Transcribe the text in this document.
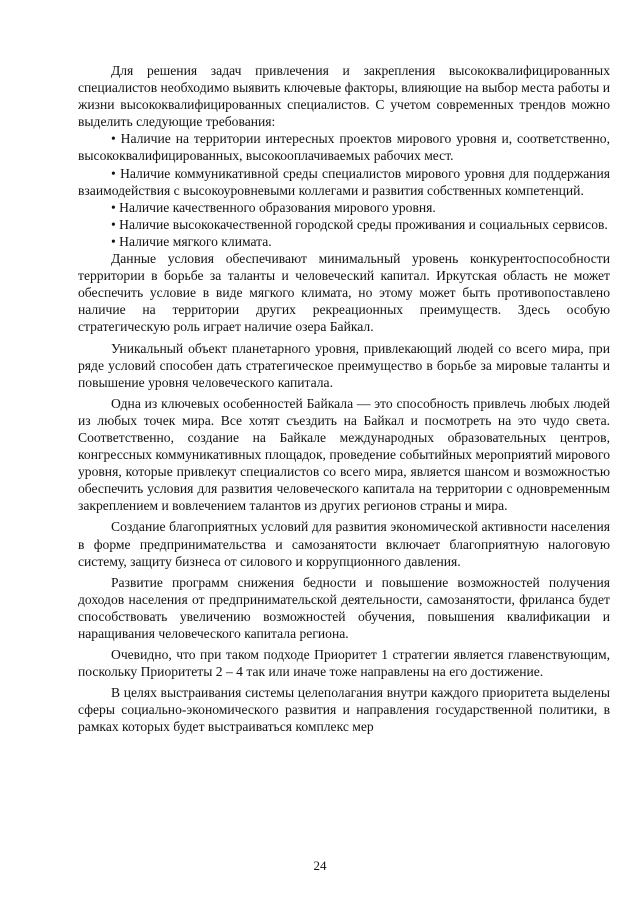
Для решения задач привлечения и закрепления высококвалифицированных специалистов необходимо выявить ключевые факторы, влияющие на выбор места работы и жизни высококвалифицированных специалистов. С учетом современных трендов можно выделить следующие требования:

• Наличие на территории интересных проектов мирового уровня и, соответственно, высококвалифицированных, высокооплачиваемых рабочих мест.

• Наличие коммуникативной среды специалистов мирового уровня для поддержания взаимодействия с высокоуровневыми коллегами и развития собственных компетенций.

• Наличие качественного образования мирового уровня.

• Наличие высококачественной городской среды проживания и социальных сервисов.

• Наличие мягкого климата.

Данные условия обеспечивают минимальный уровень конкурентоспособности территории в борьбе за таланты и человеческий капитал. Иркутская область не может обеспечить условие в виде мягкого климата, но этому может быть противопоставлено наличие на территории других рекреационных преимуществ. Здесь особую стратегическую роль играет наличие озера Байкал.

Уникальный объект планетарного уровня, привлекающий людей со всего мира, при ряде условий способен дать стратегическое преимущество в борьбе за мировые таланты и повышение уровня человеческого капитала.

Одна из ключевых особенностей Байкала — это способность привлечь любых людей из любых точек мира. Все хотят съездить на Байкал и посмотреть на это чудо света. Соответственно, создание на Байкале международных образовательных центров, конгрессных коммуникативных площадок, проведение событийных мероприятий мирового уровня, которые привлекут специалистов со всего мира, является шансом и возможностью обеспечить условия для развития человеческого капитала на территории с одновременным закреплением и вовлечением талантов из других регионов страны и мира.

Создание благоприятных условий для развития экономической активности населения в форме предпринимательства и самозанятости включает благоприятную налоговую систему, защиту бизнеса от силового и коррупционного давления.

Развитие программ снижения бедности и повышение возможностей получения доходов населения от предпринимательской деятельности, самозанятости, фриланса будет способствовать увеличению возможностей обучения, повышения квалификации и наращивания человеческого капитала региона.

Очевидно, что при таком подходе Приоритет 1 стратегии является главенствующим, поскольку Приоритеты 2 – 4 так или иначе тоже направлены на его достижение.

В целях выстраивания системы целеполагания внутри каждого приоритета выделены сферы социально-экономического развития и направления государственной политики, в рамках которых будет выстраиваться комплекс мер

24
